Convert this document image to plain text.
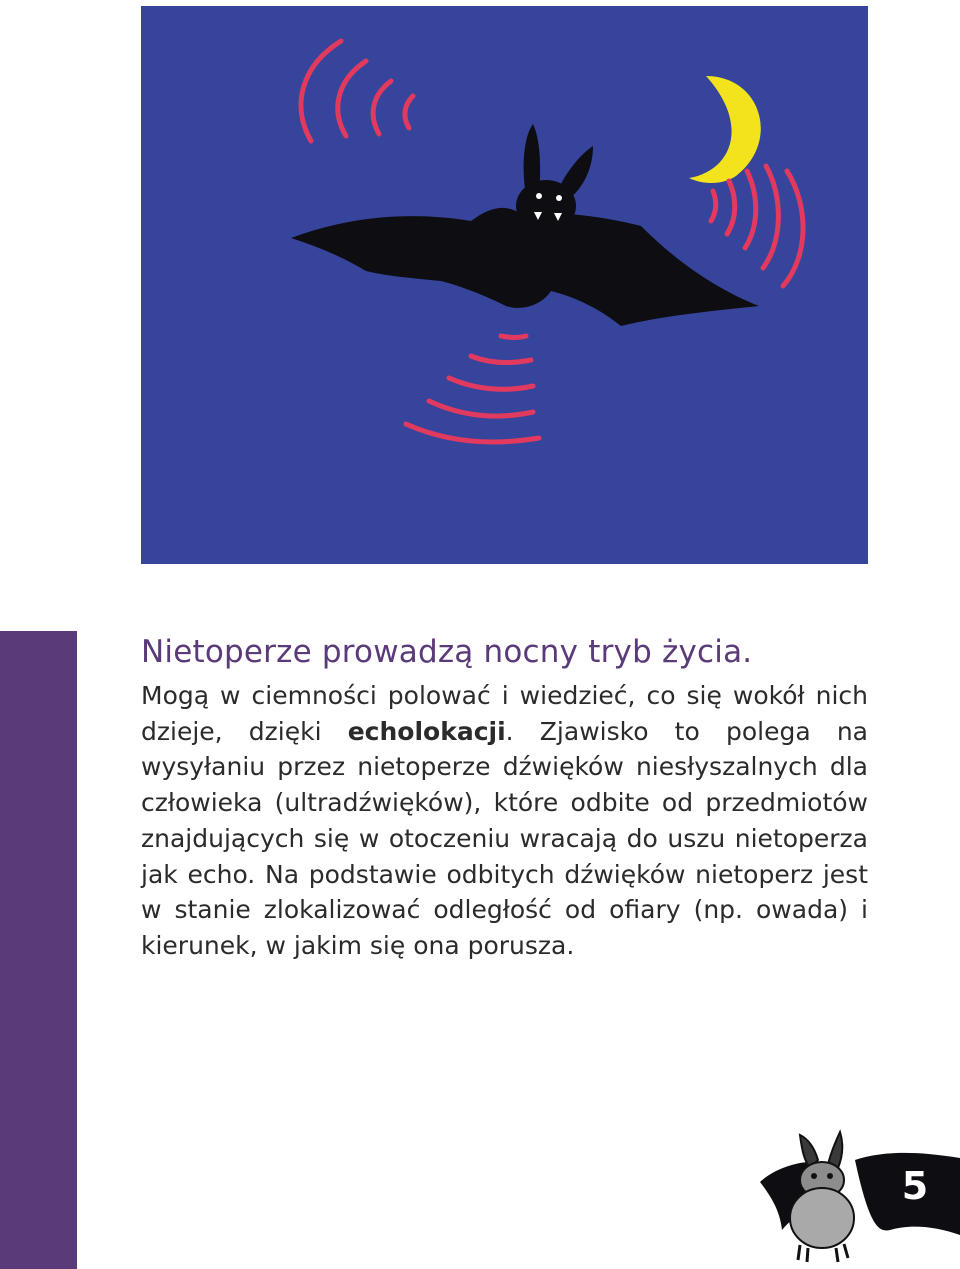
Nietoperze prowadzą nocny tryb życia.

Mogą w ciemności polować i wiedzieć, co się wokół nich dzieje, dzięki echolokacji. Zjawisko to polega na wysyłaniu przez nietoperze dźwięków niesłyszalnych dla człowieka (ultradźwięków), które odbite od przedmiotów znajdujących się w otoczeniu wracają do uszu nietoperza jak echo. Na podstawie odbitych dźwięków nietoperz jest w stanie zlokalizować odległość od ofiary (np. owada) i kierunek, w jakim się ona porusza.

5
